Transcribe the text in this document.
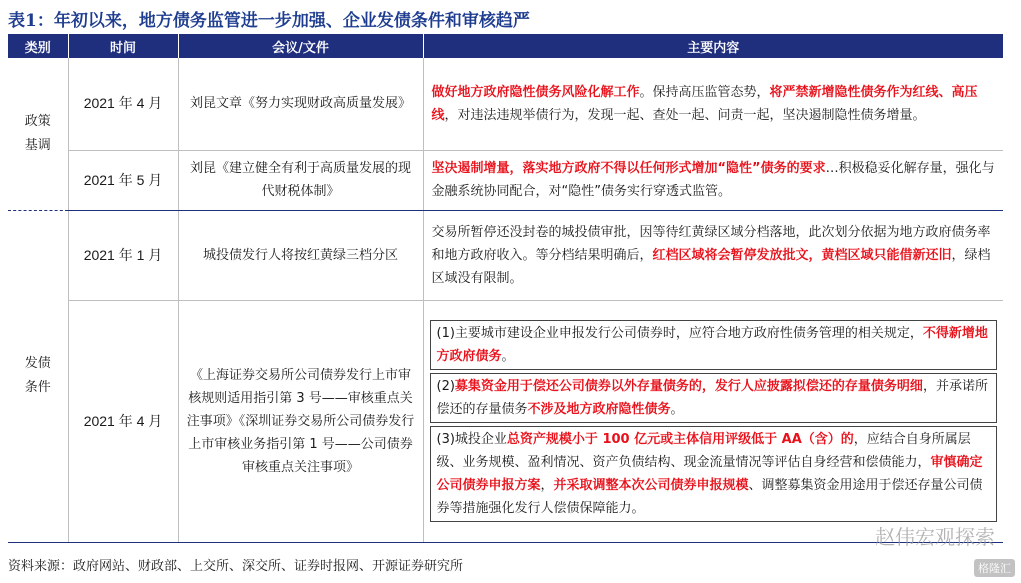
表1：年初以来，地方债务监管进一步加强、企业发债条件和审核趋严
类别	时间	会议/文件	主要内容
政策
基调	2021 年 4 月	刘昆文章《努力实现财政高质量发展》	做好地方政府隐性债务风险化解工作。保持高压监管态势，将严禁新增隐性债务作为红线、高压线，对违法违规举债行为，发现一起、查处一起、问责一起，坚决遏制隐性债务增量。
	2021 年 5 月	刘昆《建立健全有利于高质量发展的现代财税体制》	坚决遏制增量，落实地方政府不得以任何形式增加“隐性”债务的要求…积极稳妥化解存量，强化与金融系统协同配合，对“隐性”债务实行穿透式监管。
发债
条件	2021 年 1 月	城投债发行人将按红黄绿三档分区	交易所暂停还没封卷的城投债审批，因等待红黄绿区域分档落地，此次划分依据为地方政府债务率和地方政府收入。等分档结果明确后，红档区域将会暂停发放批文，黄档区域只能借新还旧，绿档区域没有限制。
	2021 年 4 月	《上海证券交易所公司债券发行上市审核规则适用指引第 3 号——审核重点关注事项》《深圳证券交易所公司债券发行上市审核业务指引第 1 号——公司债券审核重点关注事项》	(1)主要城市建设企业申报发行公司债券时，应符合地方政府性债务管理的相关规定，不得新增地方政府债务。
(2)募集资金用于偿还公司债券以外存量债务的，发行人应披露拟偿还的存量债务明细，并承诺所偿还的存量债务不涉及地方政府隐性债务。
(3)城投企业总资产规模小于 100 亿元或主体信用评级低于 AA（含）的，应结合自身所属层级、业务规模、盈利情况、资产负债结构、现金流量情况等评估自身经营和偿债能力，审慎确定公司债券申报方案，并采取调整本次公司债券申报规模、调整募集资金用途用于偿还存量公司债券等措施强化发行人偿债保障能力。
资料来源：政府网站、财政部、上交所、深交所、证券时报网、开源证券研究所
赵伟宏观探索
格隆汇
